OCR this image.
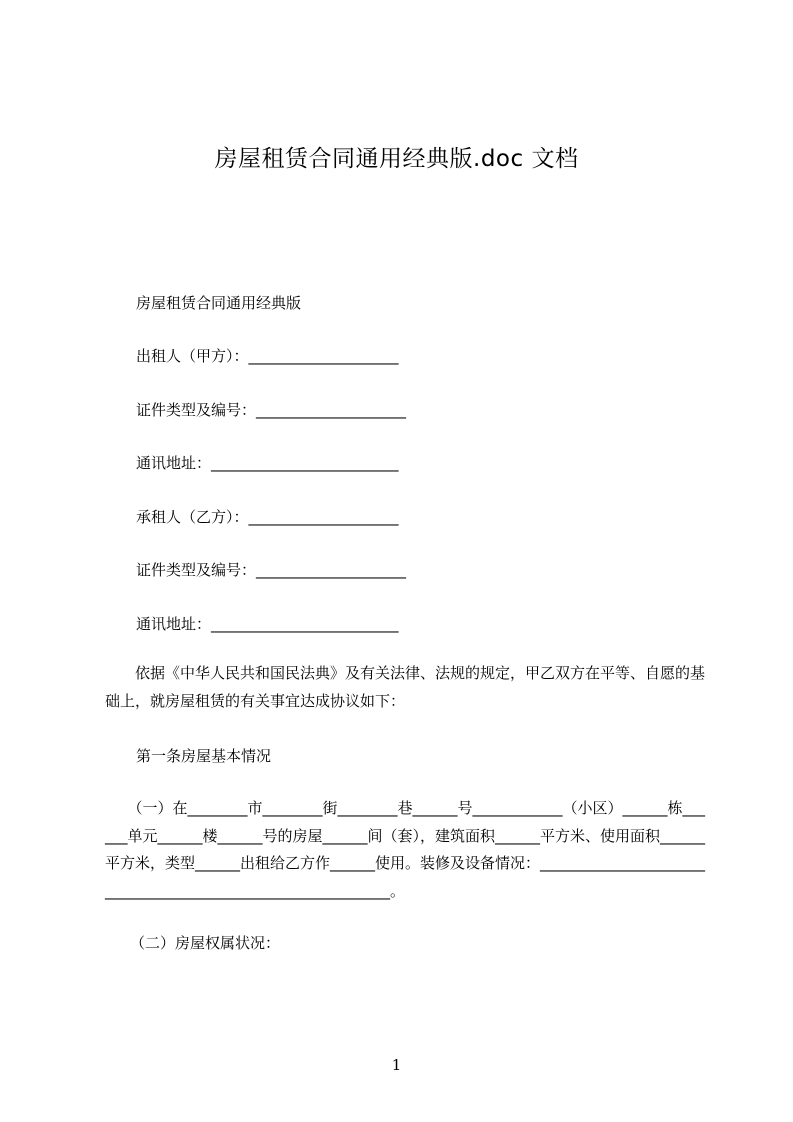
房屋租赁合同通用经典版.doc 文档
房屋租赁合同通用经典版
出租人（甲方）：____________________
证件类型及编号：____________________
通讯地址：_________________________
承租人（乙方）：____________________
证件类型及编号：____________________
通讯地址：_________________________
　　依据《中华人民共和国民法典》及有关法律、法规的规定，甲乙双方在平等、自愿的基础上，就房屋租赁的有关事宜达成协议如下：
第一条房屋基本情况
　　（一）在________市________街________巷______号____________（小区）______栋______单元______楼______号的房屋______间（套），建筑面积______平方米、使用面积______平方米，类型______出租给乙方作______使用。装修及设备情况：____________________________________________________________。
（二）房屋权属状况：
1
